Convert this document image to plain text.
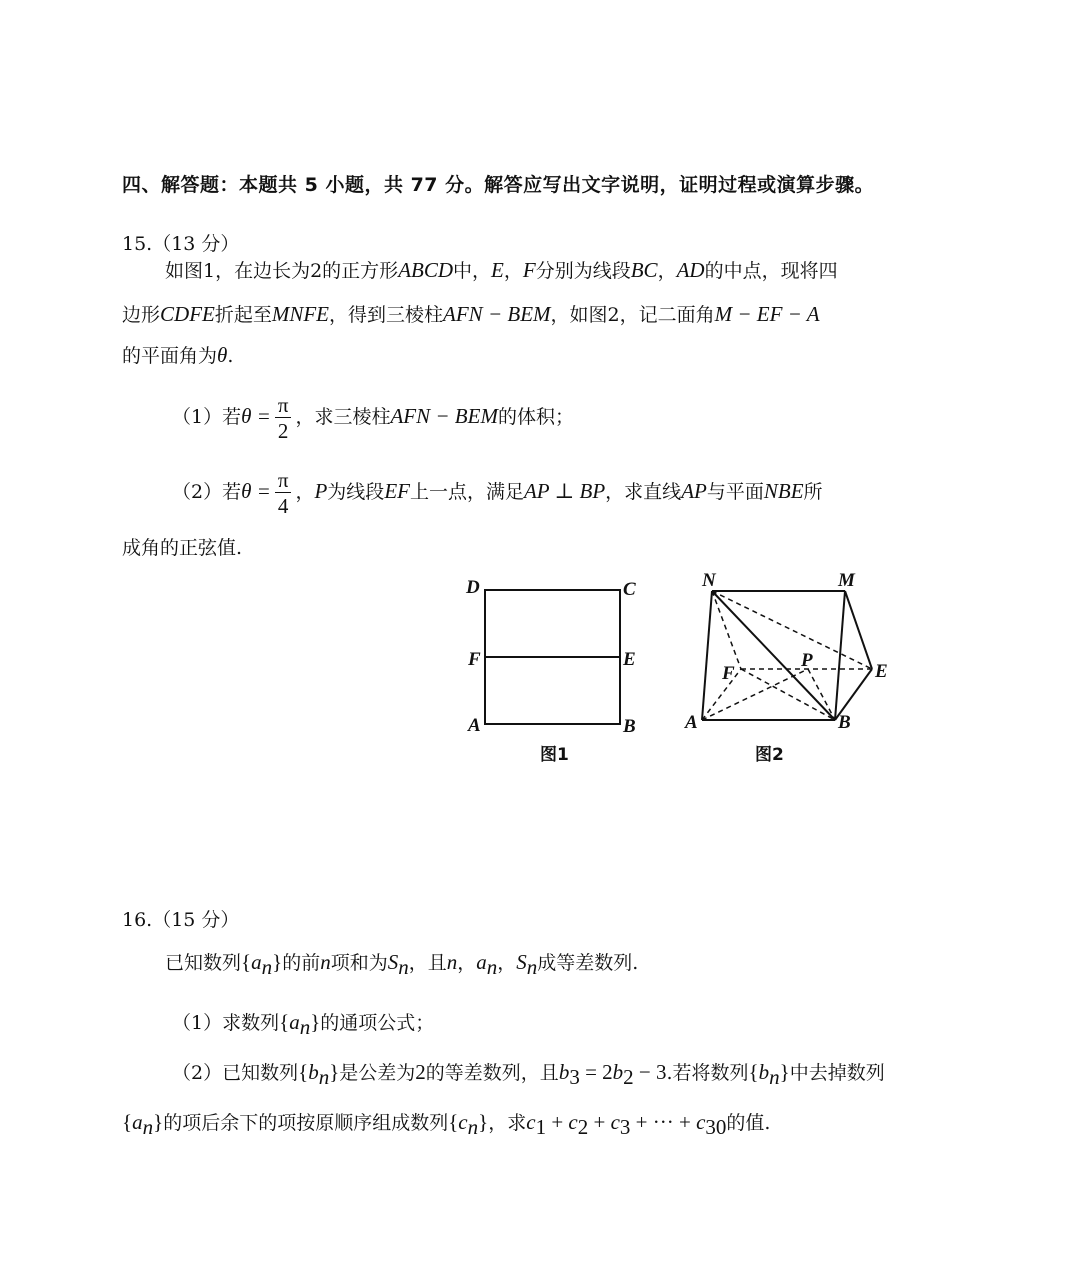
四、解答题：本题共 5 小题，共 77 分。解答应写出文字说明，证明过程或演算步骤。
15.（13 分）
如图1，在边长为2的正方形ABCD中，E，F分别为线段BC，AD的中点，现将四
边形CDFE折起至MNFE，得到三棱柱AFN − BEM，如图2，记二面角M − EF − A
的平面角为θ.
（1）若$\theta = \frac{\pi}{2}$ ，求三棱柱AFN − BEM的体积；
（2）若$\theta = \frac{\pi}{4}$ ，P为线段EF上一点，满足AP ⊥ BP，求直线AP与平面NBE所
成角的正弦值.
D	C
F	E
A	B
图1
N	M
F
P
E
A	B
图2
16.（15 分）
已知数列$\{a_n\}$的前n项和为$S_n$，且n，$a_n$，$S_n$成等差数列.
（1）求数列$\{a_n\}$的通项公式；
（2）已知数列$\{b_n\}$是公差为2的等差数列，且$b_3 = 2b_2 - 3$.若将数列$\{b_n\}$中去掉数列
$\{a_n\}$的项后余下的项按原顺序组成数列$\{c_n\}$，求$c_1 + c_2 + c_3$ + ··· + $c_{30}$的值.
